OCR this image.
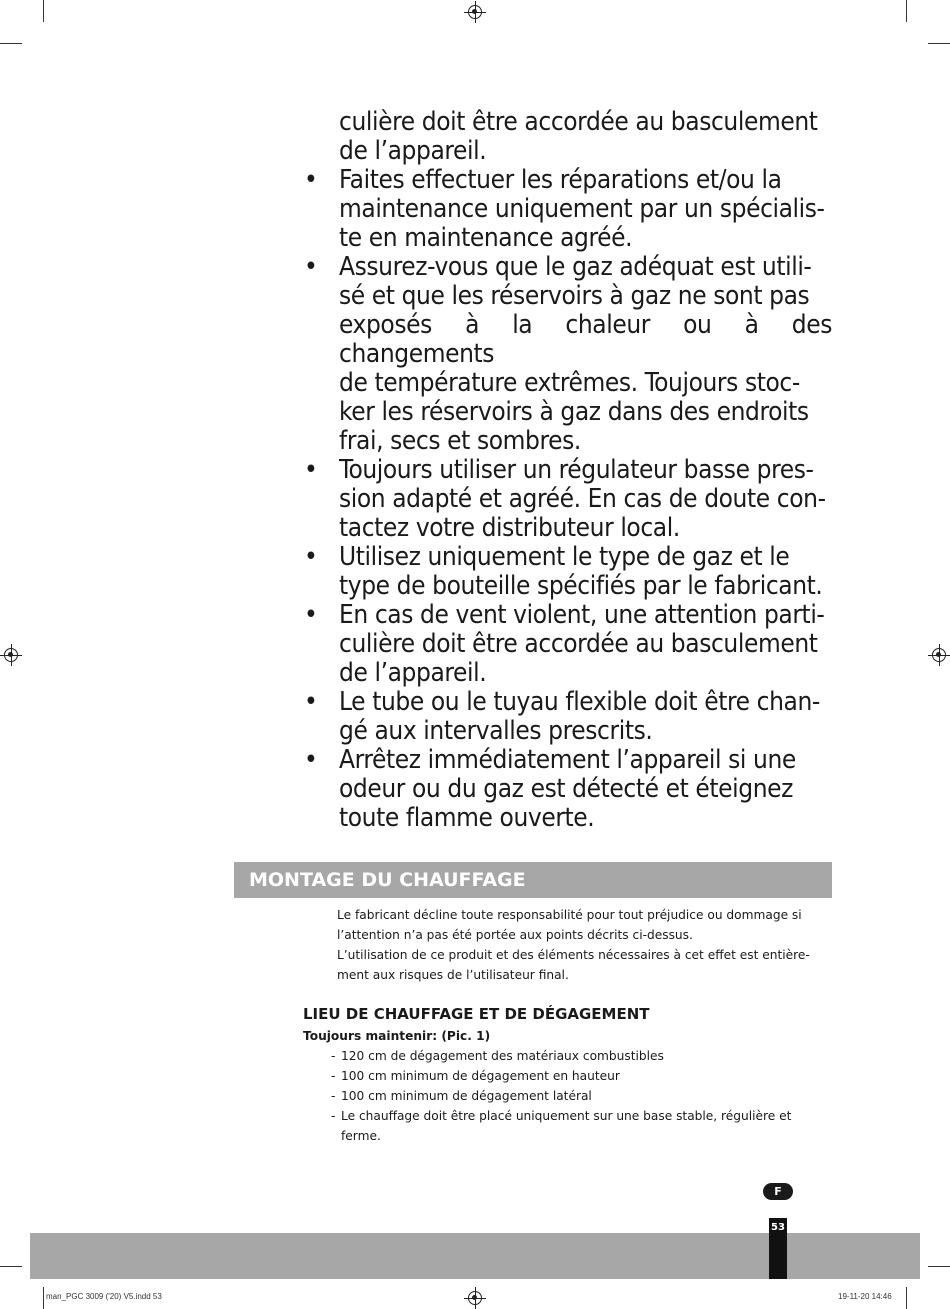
culière doit être accordée au basculement
de l’appareil.
• Faites effectuer les réparations et/ou la
maintenance uniquement par un spécialis-
te en maintenance agréé.
• Assurez-vous que le gaz adéquat est utili-
sé et que les réservoirs à gaz ne sont pas
exposés à la chaleur ou à des changements
de température extrêmes. Toujours stoc-
ker les réservoirs à gaz dans des endroits
frai, secs et sombres.
• Toujours utiliser un régulateur basse pres-
sion adapté et agréé. En cas de doute con-
tactez votre distributeur local.
• Utilisez uniquement le type de gaz et le
type de bouteille spécifiés par le fabricant.
• En cas de vent violent, une attention parti-
culière doit être accordée au basculement
de l’appareil.
• Le tube ou le tuyau flexible doit être chan-
gé aux intervalles prescrits.
• Arrêtez immédiatement l’appareil si une
odeur ou du gaz est détecté et éteignez
toute flamme ouverte.
MONTAGE DU CHAUFFAGE

Le fabricant décline toute responsabilité pour tout préjudice ou dommage si

l’attention n’a pas été portée aux points décrits ci-dessus.

L’utilisation de ce produit et des éléments nécessaires à cet effet est entière-

ment aux risques de l’utilisateur final.

LIEU DE CHAUFFAGE ET DE DÉGAGEMENT
Toujours maintenir: (Pic. 1)
- 120 cm de dégagement des matériaux combustibles
- 100 cm minimum de dégagement en hauteur
- 100 cm minimum de dégagement latéral
- Le chauffage doit être placé uniquement sur une base stable, régulière et
ferme.
F
53
man_PGC 3009 ('20) V5.indd 53	19-11-20 14:46
